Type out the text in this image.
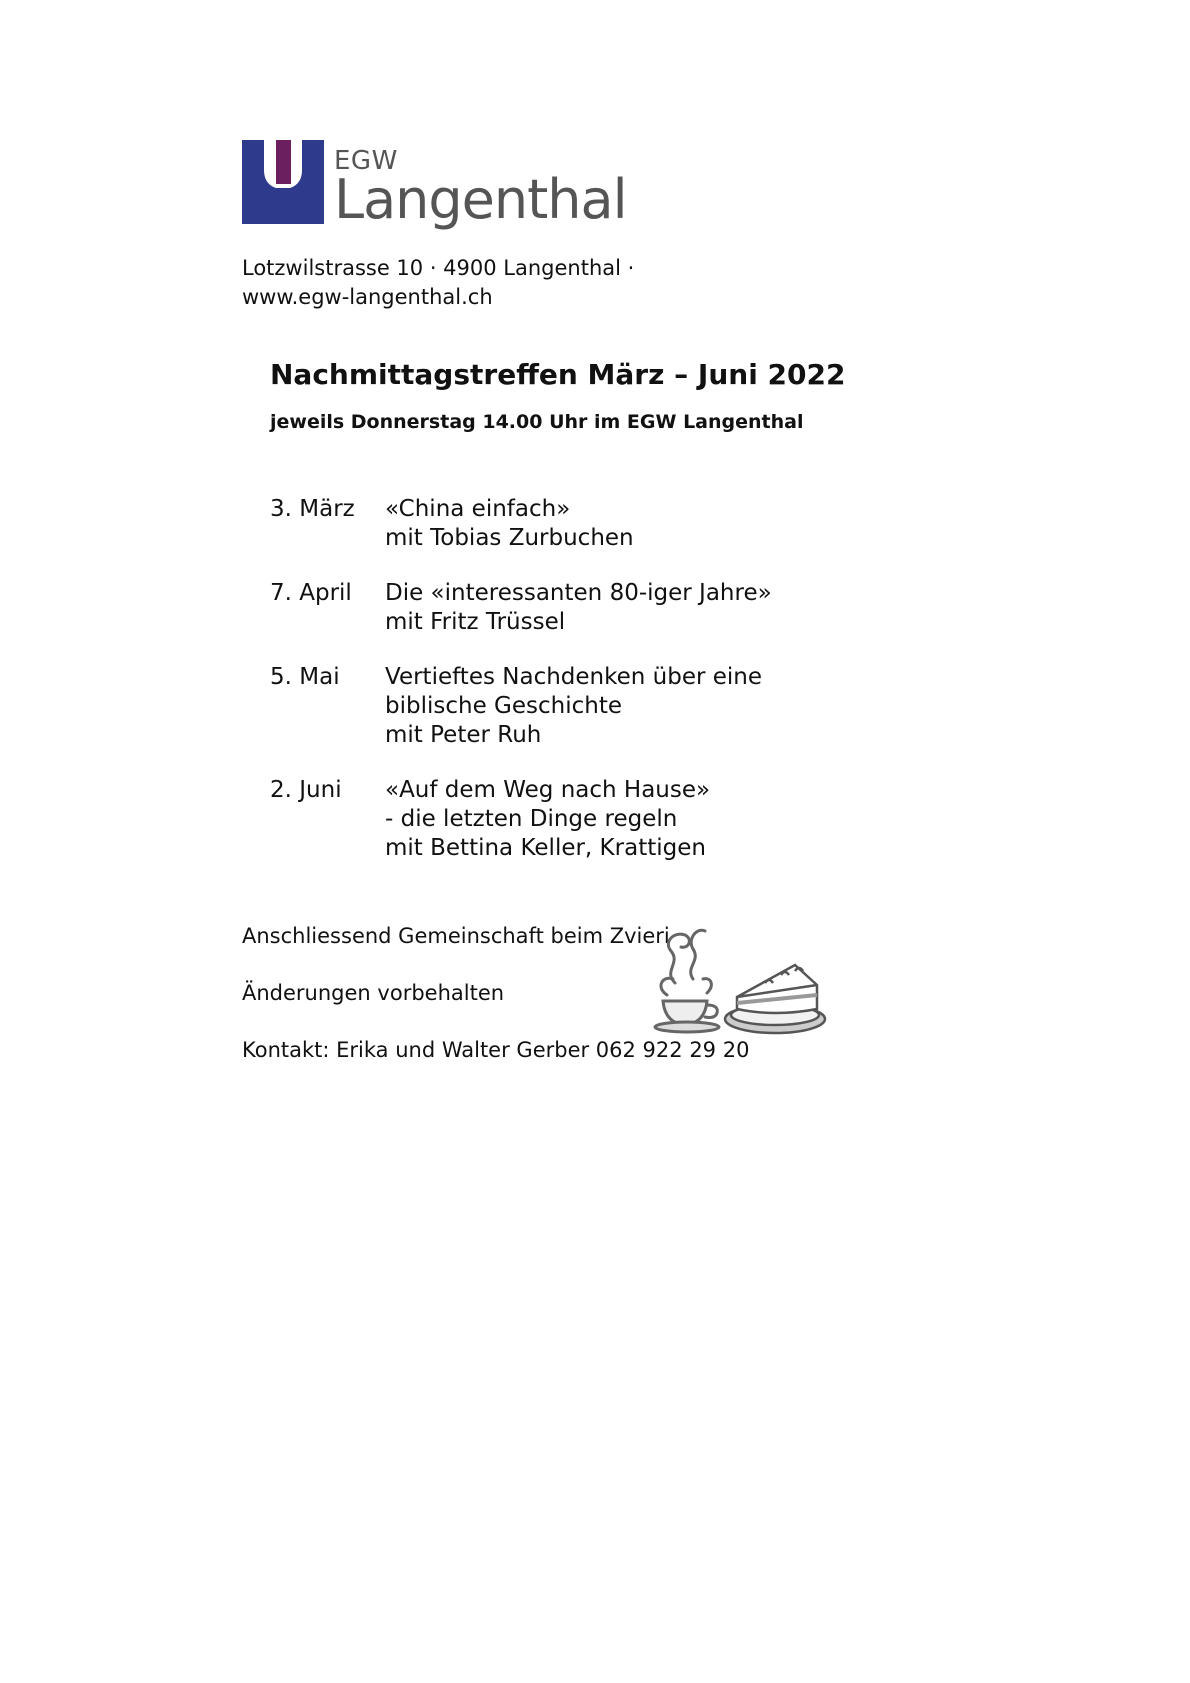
EGW
Langenthal
Lotzwilstrasse 10 · 4900 Langenthal ·
www.egw-langenthal.ch
Nachmittagstreffen März – Juni 2022
jeweils Donnerstag 14.00 Uhr im EGW Langenthal
3. März	«China einfach»
mit Tobias Zurbuchen
7. April	Die «interessanten 80-iger Jahre»
mit Fritz Trüssel
5. Mai	Vertieftes Nachdenken über eine
biblische Geschichte
mit Peter Ruh
2. Juni	«Auf dem Weg nach Hause»
- die letzten Dinge regeln
mit Bettina Keller, Krattigen
Anschliessend Gemeinschaft beim Zvieri
Änderungen vorbehalten
Kontakt: Erika und Walter Gerber 062 922 29 20
